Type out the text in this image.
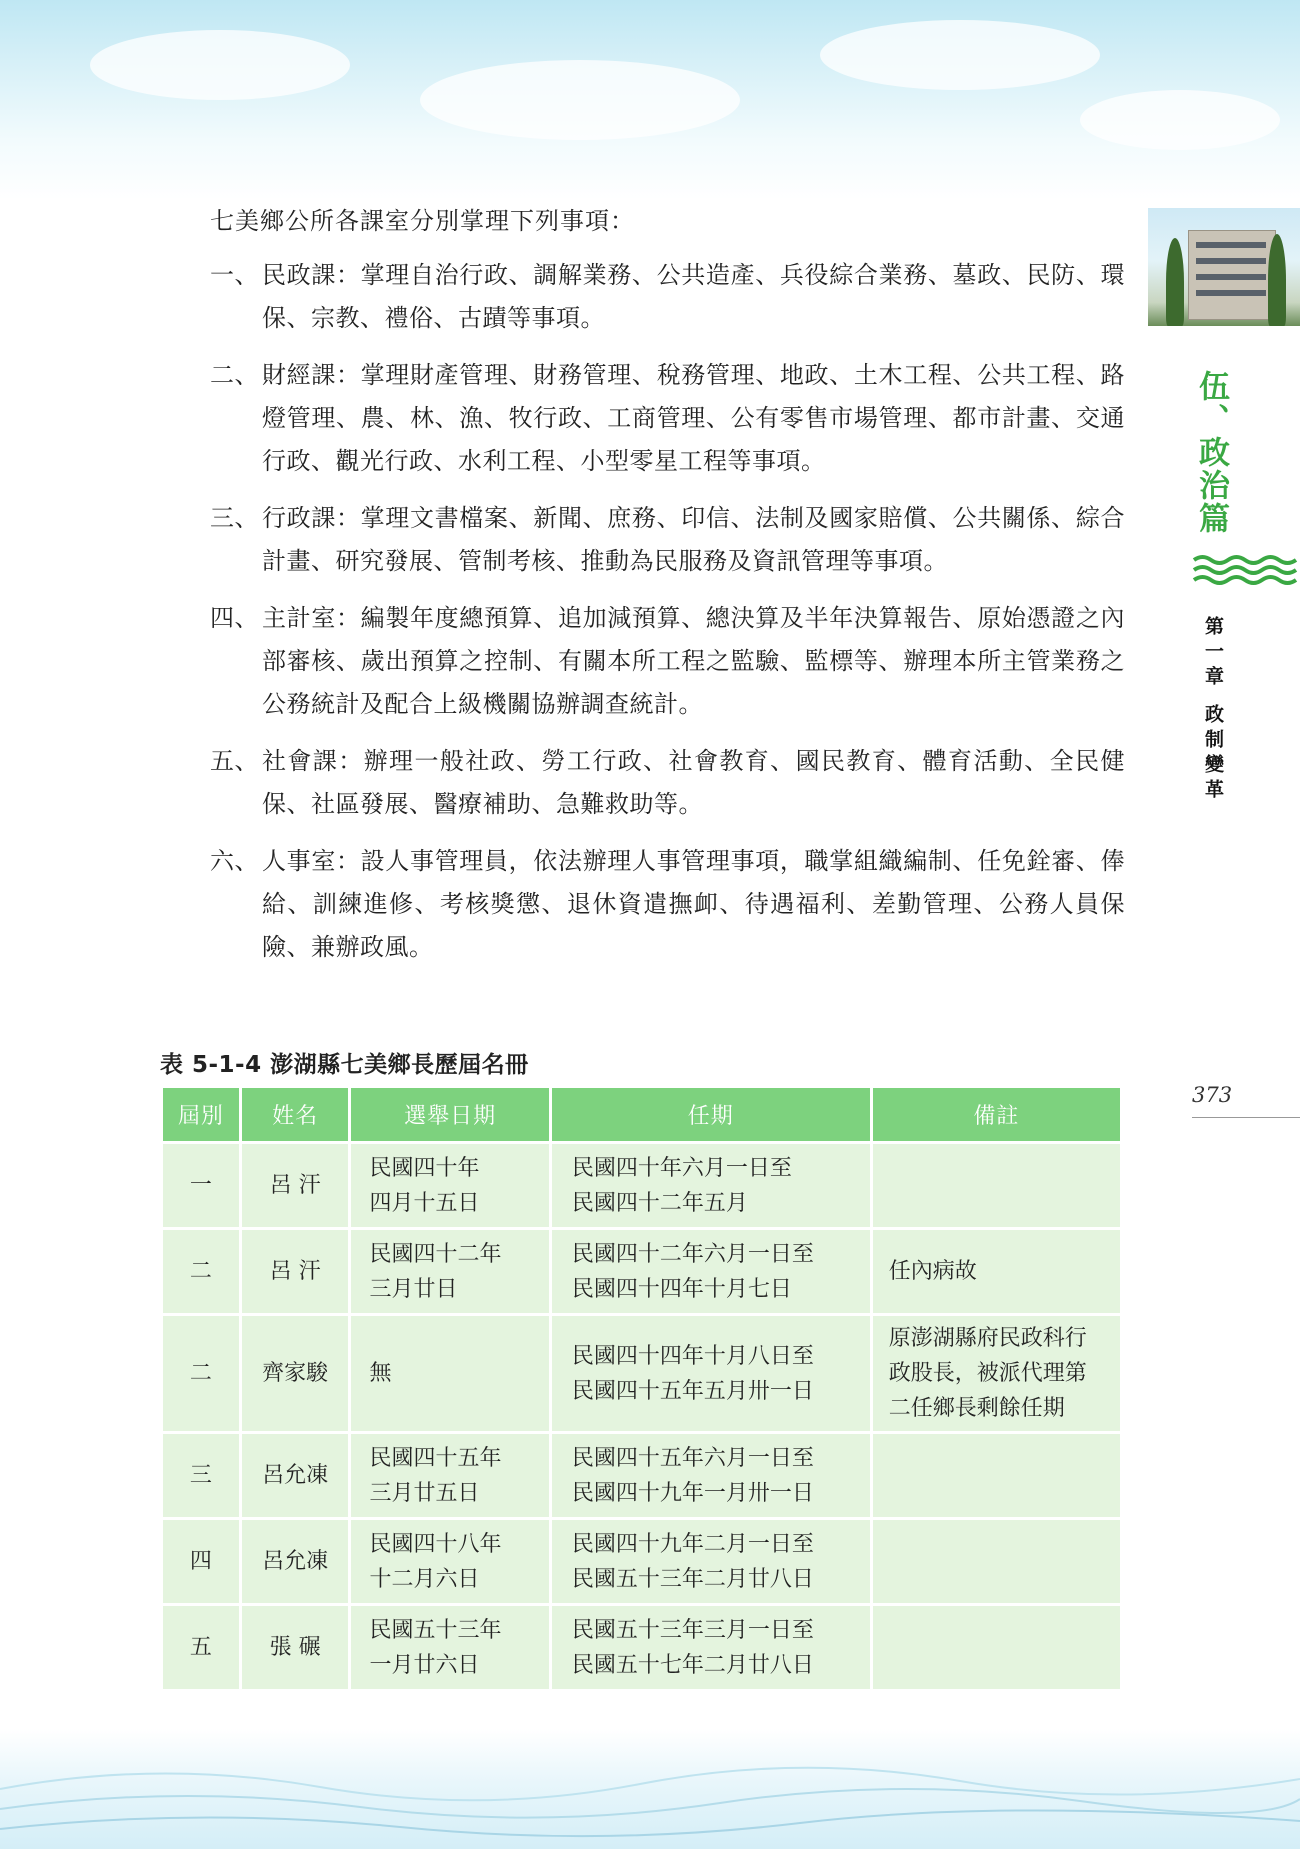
七美鄉公所各課室分別掌理下列事項：

一、 民政課：掌理自治行政、調解業務、公共造產、兵役綜合業務、墓政、民防、環保、宗教、禮俗、古蹟等事項。
二、 財經課：掌理財產管理、財務管理、稅務管理、地政、土木工程、公共工程、路燈管理、農、林、漁、牧行政、工商管理、公有零售市場管理、都市計畫、交通行政、觀光行政、水利工程、小型零星工程等事項。
三、 行政課：掌理文書檔案、新聞、庶務、印信、法制及國家賠償、公共關係、綜合計畫、研究發展、管制考核、推動為民服務及資訊管理等事項。
四、 主計室：編製年度總預算、追加減預算、總決算及半年決算報告、原始憑證之內部審核、歲出預算之控制、有關本所工程之監驗、監標等、辦理本所主管業務之公務統計及配合上級機關協辦調查統計。
五、 社會課：辦理一般社政、勞工行政、社會教育、國民教育、體育活動、全民健保、社區發展、醫療補助、急難救助等。
六、 人事室：設人事管理員，依法辦理人事管理事項，職掌組織編制、任免銓審、俸給、訓練進修、考核獎懲、退休資遣撫卹、待遇福利、差勤管理、公務人員保險、兼辦政風。
伍、政治篇
第一章 政制變革
373
表 5-1-4 澎湖縣七美鄉長歷屆名冊
屆別	姓名	選舉日期	任期	備註
一	呂 汗	民國四十年
四月十五日	民國四十年六月一日至
民國四十二年五月	

二	呂 汗	民國四十二年
三月廿日	民國四十二年六月一日至
民國四十四年十月七日	任內病故

二	齊家駿	無	民國四十四年十月八日至
民國四十五年五月卅一日	原澎湖縣府民政科行
政股長，被派代理第
二任鄉長剩餘任期

三	呂允凍	民國四十五年
三月廿五日	民國四十五年六月一日至
民國四十九年一月卅一日	

四	呂允凍	民國四十八年
十二月六日	民國四十九年二月一日至
民國五十三年二月廿八日	

五	張 碾	民國五十三年
一月廿六日	民國五十三年三月一日至
民國五十七年二月廿八日	
